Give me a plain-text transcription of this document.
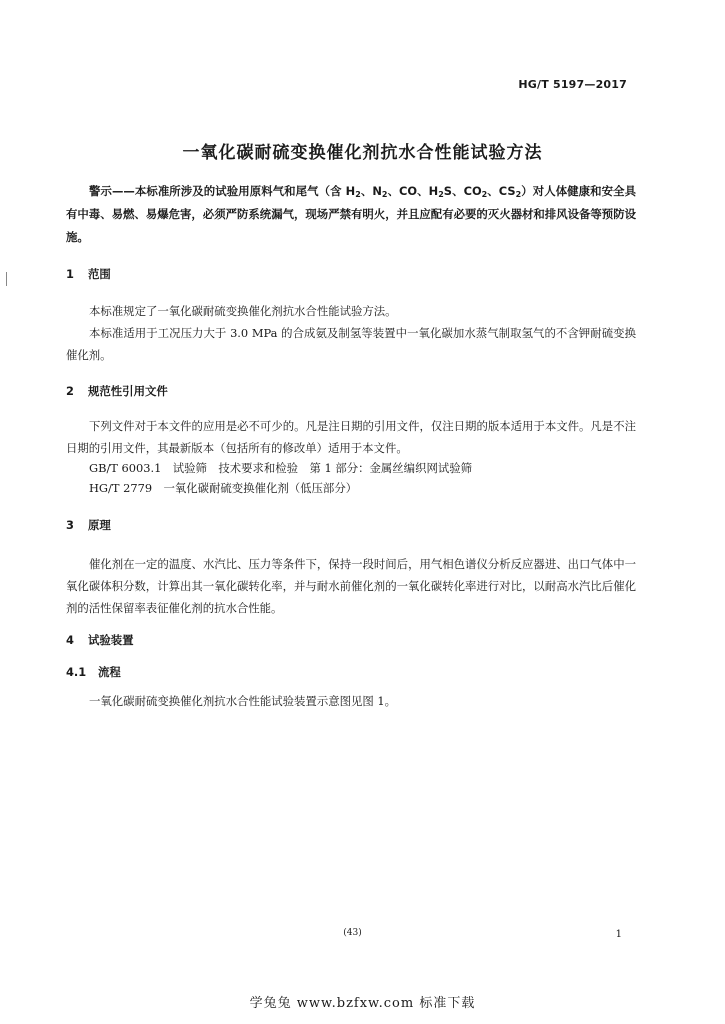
HG/T 5197—2017
一氧化碳耐硫变换催化剂抗水合性能试验方法
警示——本标准所涉及的试验用原料气和尾气（含 $H_2$、$N_2$、CO、$H_2S$、$CO_2$、$CS_2$）对人体健康和安全具有中毒、易燃、易爆危害，必须严防系统漏气，现场严禁有明火，并且应配有必要的灭火器材和排风设备等预防设施。
1 范围

本标准规定了一氧化碳耐硫变换催化剂抗水合性能试验方法。

本标准适用于工况压力大于 3.0 MPa 的合成氨及制氢等装置中一氧化碳加水蒸气制取氢气的不含钾耐硫变换催化剂。

2 规范性引用文件

下列文件对于本文件的应用是必不可少的。凡是注日期的引用文件，仅注日期的版本适用于本文件。凡是不注日期的引用文件，其最新版本（包括所有的修改单）适用于本文件。

GB/T 6003.1　试验筛　技术要求和检验　第 1 部分：金属丝编织网试验筛
HG/T 2779　一氧化碳耐硫变换催化剂（低压部分）
3 原理

催化剂在一定的温度、水汽比、压力等条件下，保持一段时间后，用气相色谱仪分析反应器进、出口气体中一氧化碳体积分数，计算出其一氧化碳转化率，并与耐水前催化剂的一氧化碳转化率进行对比，以耐高水汽比后催化剂的活性保留率表征催化剂的抗水合性能。

4 试验装置
4.1 流程

一氧化碳耐硫变换催化剂抗水合性能试验装置示意图见图 1。

(43)	1
学兔兔 www.bzfxw.com 标准下载
